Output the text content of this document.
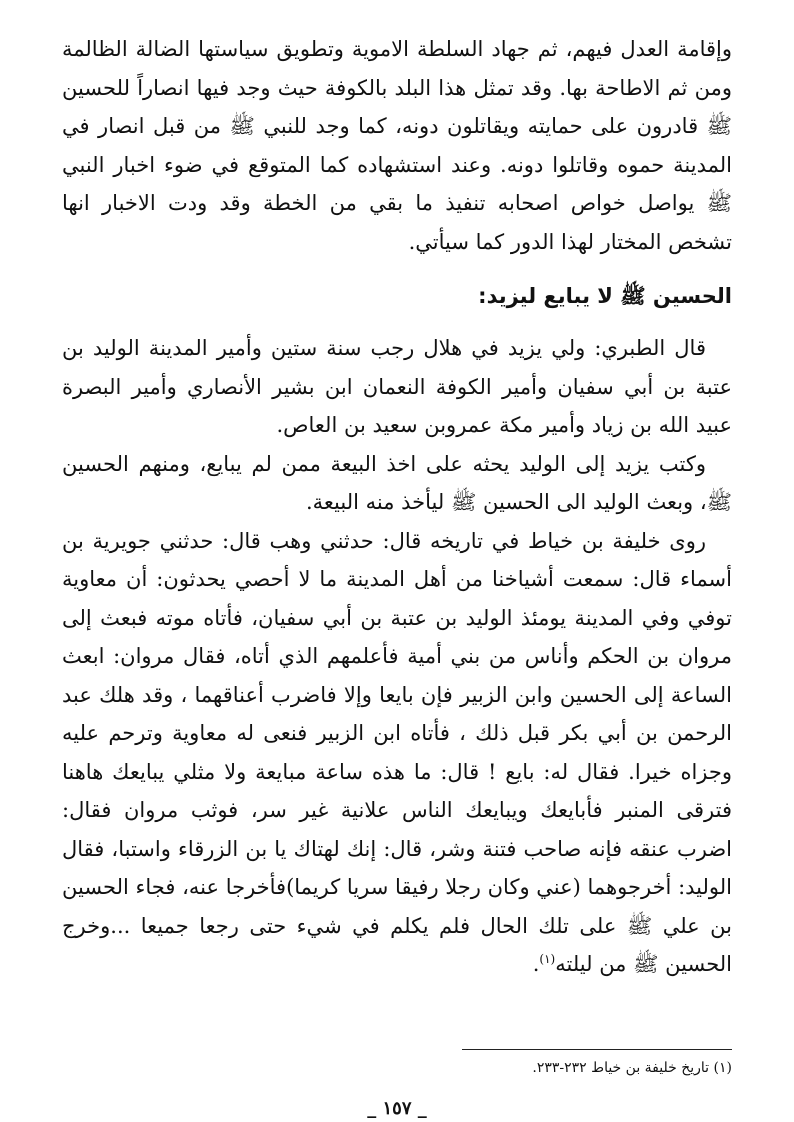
وإقامة العدل فيهم، ثم جهاد السلطة الاموية وتطويق سياستها الضالة الظالمة ومن ثم الاطاحة بها. وقد تمثل هذا البلد بالكوفة حيث وجد فيها انصاراً للحسين ﷺ قادرون على حمايته ويقاتلون دونه، كما وجد للنبي ﷺ من قبل انصار في المدينة حموه وقاتلوا دونه. وعند استشهاده كما المتوقع في ضوء اخبار النبي ﷺ يواصل خواص اصحابه تنفيذ ما بقي من الخطة وقد ودت الاخبار انها تشخص المختار لهذا الدور كما سيأتي.

الحسين ﷺ لا يبايع ليزيد:

قال الطبري: ولي يزيد في هلال رجب سنة ستين وأمير المدينة الوليد بن عتبة بن أبي سفيان وأمير الكوفة النعمان ابن بشير الأنصاري وأمير البصرة عبيد الله بن زياد وأمير مكة عمروبن سعيد بن العاص.

وكتب يزيد إلى الوليد يحثه على اخذ البيعة ممن لم يبايع، ومنهم الحسين ﷺ، وبعث الوليد الى الحسين ﷺ ليأخذ منه البيعة.

روى خليفة بن خياط في تاريخه قال: حدثني وهب قال: حدثني جويرية بن أسماء قال: سمعت أشياخنا من أهل المدينة ما لا أحصي يحدثون: أن معاوية توفي وفي المدينة يومئذ الوليد بن عتبة بن أبي سفيان، فأتاه موته فبعث إلى مروان بن الحكم وأناس من بني أمية فأعلمهم الذي أتاه، فقال مروان: ابعث الساعة إلى الحسين وابن الزبير فإن بايعا وإلا فاضرب أعناقهما ، وقد هلك عبد الرحمن بن أبي بكر قبل ذلك ، فأتاه ابن الزبير فنعى له معاوية وترحم عليه وجزاه خيرا. فقال له: بايع ! قال: ما هذه ساعة مبايعة ولا مثلي يبايعك هاهنا فترقى المنبر فأبايعك ويبايعك الناس علانية غير سر، فوثب مروان فقال: اضرب عنقه فإنه صاحب فتنة وشر، قال: إنك لهتاك يا بن الزرقاء واستبا، فقال الوليد: أخرجوهما (عني وكان رجلا رفيقا سريا كريما)فأخرجا عنه، فجاء الحسين بن علي ﷺ على تلك الحال فلم يكلم في شيء حتى رجعا جميعا ...وخرج الحسين ﷺ من ليلته$^{(١)}$.

(١) تاريخ خليفة بن خياط ٢٣٢-٢٣٣.
_ ١٥٧ _
